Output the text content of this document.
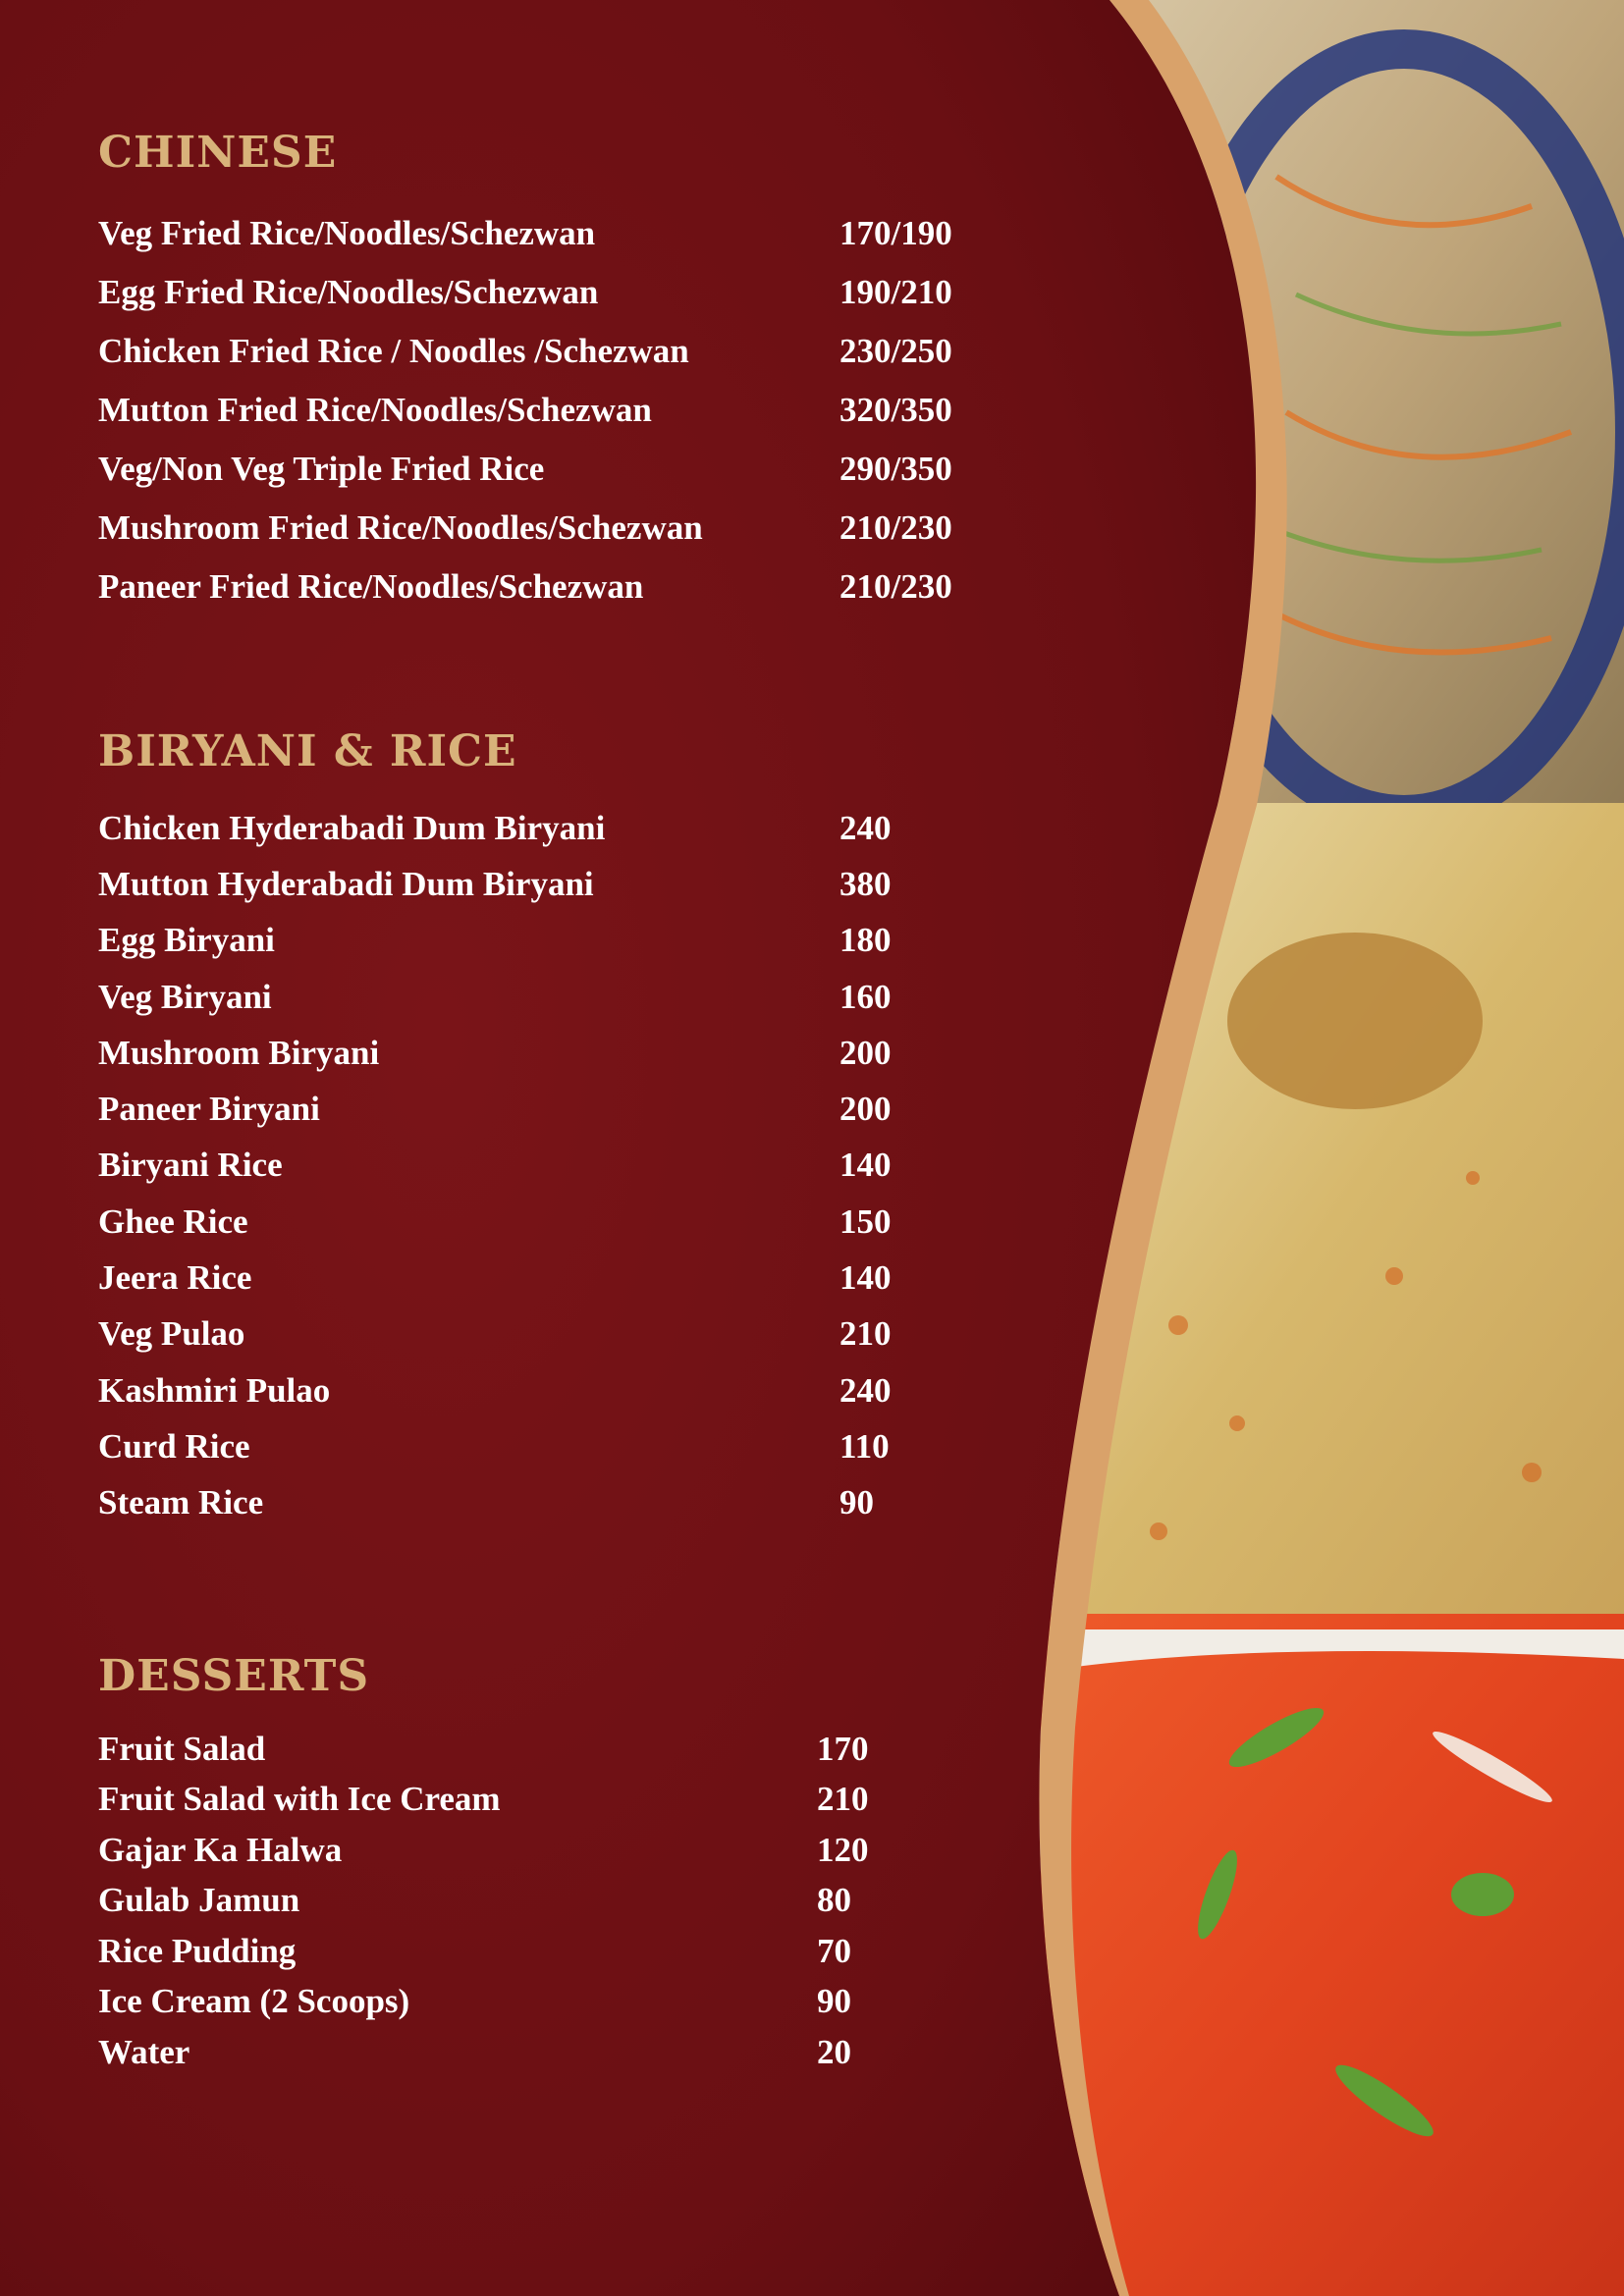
CHINESE
Veg Fried Rice/Noodles/Schezwan	170/190
Egg Fried Rice/Noodles/Schezwan	190/210
Chicken Fried Rice / Noodles /Schezwan	230/250
Mutton Fried Rice/Noodles/Schezwan	320/350
Veg/Non Veg Triple Fried Rice	290/350
Mushroom Fried Rice/Noodles/Schezwan	210/230
Paneer Fried Rice/Noodles/Schezwan	210/230
BIRYANI & RICE
Chicken Hyderabadi Dum Biryani	240
Mutton Hyderabadi Dum Biryani	380
Egg Biryani	180
Veg Biryani	160
Mushroom Biryani	200
Paneer Biryani	200
Biryani Rice	140
Ghee Rice	150
Jeera Rice	140
Veg Pulao	210
Kashmiri Pulao	240
Curd Rice	110
Steam Rice	90
DESSERTS
Fruit Salad	170
Fruit Salad with Ice Cream	210
Gajar Ka Halwa	120
Gulab Jamun	80
Rice Pudding	70
Ice Cream (2 Scoops)	90
Water	20
